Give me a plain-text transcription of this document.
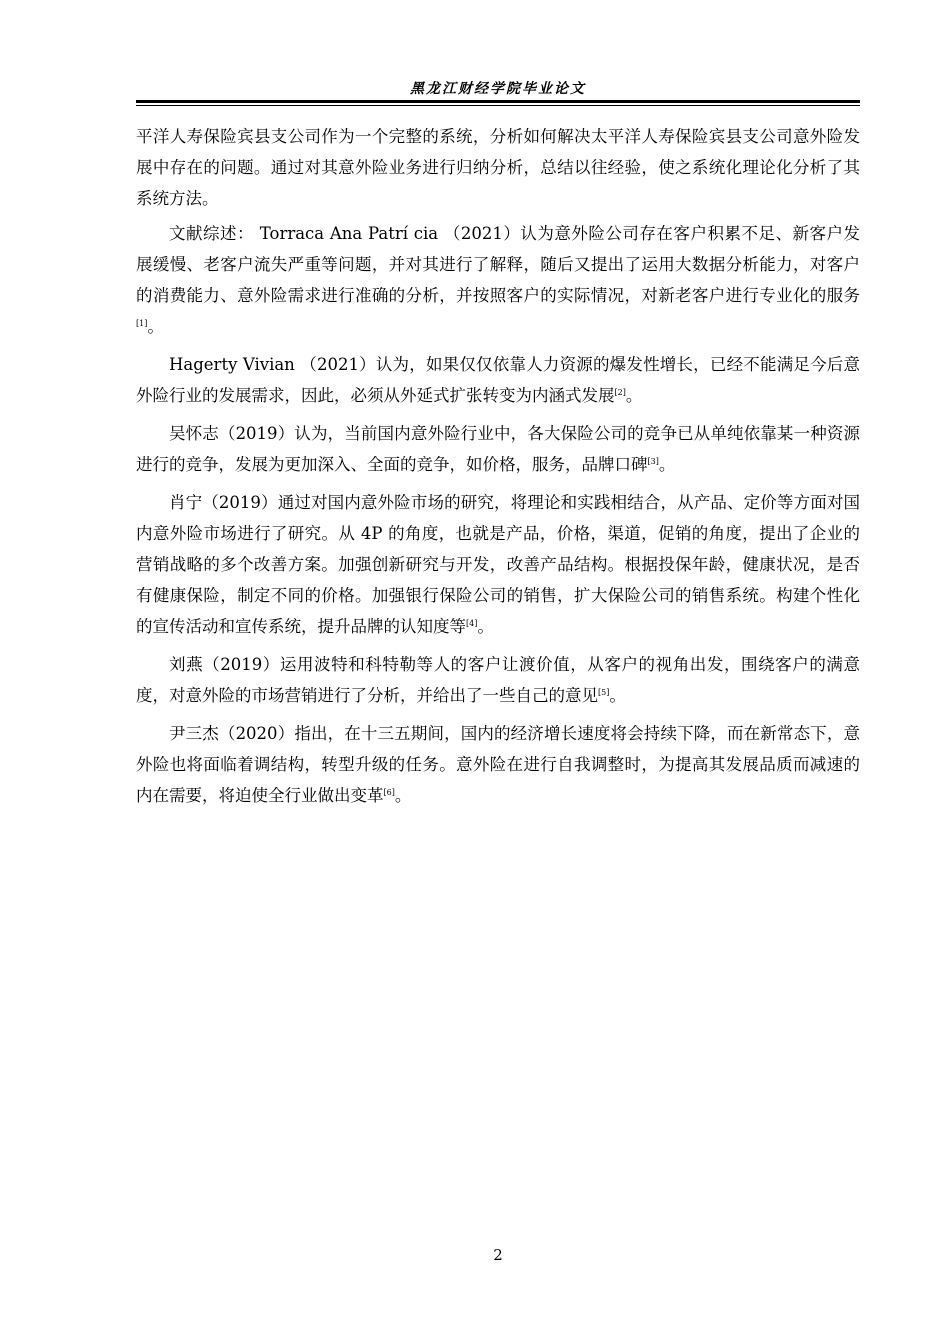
黑龙江财经学院毕业论文

平洋人寿保险宾县支公司作为一个完整的系统，分析如何解决太平洋人寿保险宾县支公司意外险发展中存在的问题。通过对其意外险业务进行归纳分析，总结以往经验，使之系统化理论化分析了其系统方法。

文献综述： Torraca Ana Patrí cia （2021）认为意外险公司存在客户积累不足、新客户发展缓慢、老客户流失严重等问题，并对其进行了解释，随后又提出了运用大数据分析能力，对客户的消费能力、意外险需求进行准确的分析，并按照客户的实际情况，对新老客户进行专业化的服务[1]。

Hagerty Vivian （2021）认为，如果仅仅依靠人力资源的爆发性增长，已经不能满足今后意外险行业的发展需求，因此，必须从外延式扩张转变为内涵式发展[2]。

吴怀志（2019）认为，当前国内意外险行业中，各大保险公司的竞争已从单纯依靠某一种资源进行的竞争，发展为更加深入、全面的竞争，如价格，服务，品牌口碑[3]。

肖宁（2019）通过对国内意外险市场的研究，将理论和实践相结合，从产品、定价等方面对国内意外险市场进行了研究。从 4P 的角度，也就是产品，价格，渠道，促销的角度，提出了企业的营销战略的多个改善方案。加强创新研究与开发，改善产品结构。根据投保年龄，健康状况，是否有健康保险，制定不同的价格。加强银行保险公司的销售，扩大保险公司的销售系统。构建个性化的宣传活动和宣传系统，提升品牌的认知度等[4]。

刘燕（2019）运用波特和科特勒等人的客户让渡价值，从客户的视角出发，围绕客户的满意度，对意外险的市场营销进行了分析，并给出了一些自己的意见[5]。

尹三杰（2020）指出，在十三五期间，国内的经济增长速度将会持续下降，而在新常态下，意外险也将面临着调结构，转型升级的任务。意外险在进行自我调整时，为提高其发展品质而减速的内在需要，将迫使全行业做出变革[6]。

2
